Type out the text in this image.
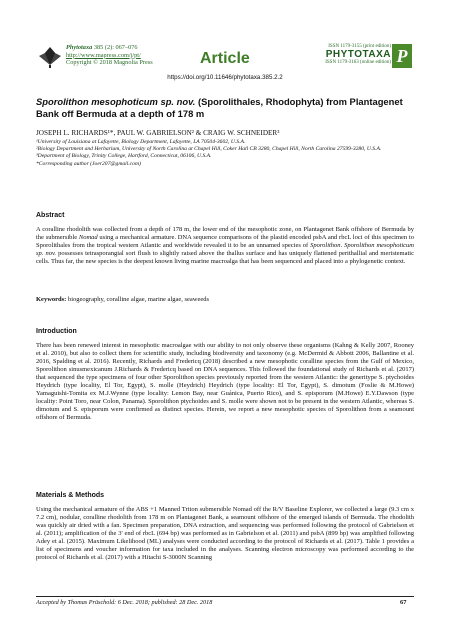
Phytotaxa 385 (2): 067–076
http://www.mapress.com/j/pt/
Copyright © 2018 Magnolia Press	Article
ISSN 1179-3155 (print edition)
PHYTOTAXA
ISSN 1179-3163 (online edition) P
https://doi.org/10.11646/phytotaxa.385.2.2
Sporolithon mesophoticum sp. nov. (Sporolithales, Rhodophyta) from Plantagenet Bank off Bermuda at a depth of 178 m
JOSEPH L. RICHARDS¹*, PAUL W. GABRIELSON² & CRAIG W. SCHNEIDER³
¹University of Louisiana at Lafayette, Biology Department, Lafayette, LA 70504-3602, U.S.A.
²Biology Department and Herbarium, University of North Carolina at Chapel Hill, Coker Hall CB 3280, Chapel Hill, North Carolina 27599-3280, U.S.A.
³Department of Biology, Trinity College, Hartford, Connecticut, 06106, U.S.A.
*Corresponding author (Joer207@gmail.com)
Abstract
A coralline rhodolith was collected from a depth of 178 m, the lower end of the mesophotic zone, on Plantagenet Bank offshore of Bermuda by the submersible Nomad using a mechanical armature. DNA sequence comparisons of the plastid encoded psbA and rbcL loci of this specimen to Sporolithales from the tropical western Atlantic and worldwide revealed it to be an unnamed species of Sporolithon. Sporolithon mesophoticum sp. nov. possesses tetrasporangial sori flush to slightly raised above the thallus surface and has uniquely flattened perithallial and meristematic cells. Thus far, the new species is the deepest known living marine macroalga that has been sequenced and placed into a phylogenetic context.
Keywords: biogeography, coralline algae, marine algae, seaweeds
Introduction
There has been renewed interest in mesophotic macroalgae with our ability to not only observe these organisms (Kahng & Kelly 2007, Rooney et al. 2010), but also to collect them for scientific study, including biodiversity and taxonomy (e.g. McDermid & Abbott 2006, Ballantine et al. 2016, Spalding et al. 2016). Recently, Richards and Fredericq (2018) described a new mesophotic coralline species from the Gulf of Mexico, Sporolithon sinusmexicanum J.Richards & Fredericq based on DNA sequences. This followed the foundational study of Richards et al. (2017) that sequenced the type specimens of four other Sporolithon species previously reported from the western Atlantic: the generitype S. ptychoides Heydrich (type locality, El Tor, Egypt), S. molle (Heydrich) Heydrich (type locality: El Tor, Egypt), S. dimotum (Foslie & M.Howe) Yamaguishi-Tomita ex M.J.Wynne (type locality: Lemon Bay, near Guánica, Puerto Rico), and S. episporum (M.Howe) E.Y.Dawson (type locality: Point Toro, near Colon, Panama). Sporolithon ptychoides and S. molle were shown not to be present in the western Atlantic, whereas S. dimotum and S. episporum were confirmed as distinct species. Herein, we report a new mesophotic species of Sporolithon from a seamount offshore of Bermuda.
Materials & Methods
Using the mechanical armature of the ABS +1 Manned Triton submersible Nomad off the R/V Baseline Explorer, we collected a large (9.3 cm x 7.2 cm), nodular, coralline rhodolith from 178 m on Plantagenet Bank, a seamount offshore of the emerged islands of Bermuda. The rhodolith was quickly air dried with a fan. Specimen preparation, DNA extraction, and sequencing was performed following the protocol of Gabrielson et al. (2011); amplification of the 3' end of rbcL (694 bp) was performed as in Gabrielson et al. (2011) and psbA (899 bp) was amplified following Adey et al. (2015). Maximum Likelihood (ML) analyses were conducted according to the protocol of Richards et al. (2017). Table 1 provides a list of specimens and voucher information for taxa included in the analyses. Scanning electron microscopy was performed according to the protocol of Richards et al. (2017) with a Hitachi S-3000N Scanning
Accepted by Thomas Prüschold: 6 Dec. 2018; published: 28 Dec. 2018	67
